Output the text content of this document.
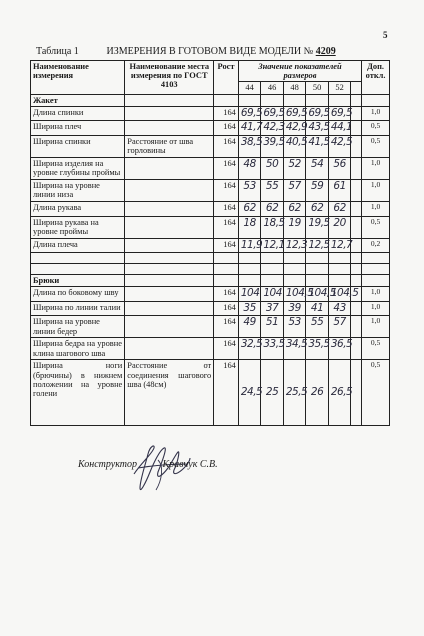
5
Таблица 1	ИЗМЕРЕНИЯ В ГОТОВОМ ВИДЕ МОДЕЛИ № 4209
Наименование измерения	Наименование места измерения по ГОСТ 4103	Рост	Значение показателей размеров						Доп. откл.
			44	46	48	50	52		
Жакет									
Длина спинки		164	69,5	69,5	69,5	69,5	69,5		1,0
Ширина плеч		164	41,7	42,3	42,9	43,5	44,1		0,5
Ширина спинки	Расстояние от шва горловины	164	38,5	39,5	40,5	41,5	42,5		0,5
Ширина изделия на уровне глубины проймы		164	48	50	52	54	56		1,0
Ширина на уровне линии низа		164	53	55	57	59	61		1,0
Длина рукава		164	62	62	62	62	62		1,0
Ширина рукава на уровне проймы		164	18	18,5	19	19,5	20		0,5
Длина плеча		164	11,9	12,1	12,3	12,5	12,7		0,2

Брюки									
Длина по боковому шву		164	104	104	104,5	104,5	104,5		1,0
Ширина по линии талии		164	35	37	39	41	43		1,0
Ширина на уровне линии бедер		164	49	51	53	55	57		1,0
Ширина бедра на уровне клина шагового шва		164	32,5	33,5	34,5	35,5	36,5		0,5
Ширина ноги (брючины) в нижнем положении на уровне голени	Расстояние от соединения шагового шва (48см)	164	24,5	25	25,5	26	26,5		0,5
Конструктор	Кравчук С.В.
